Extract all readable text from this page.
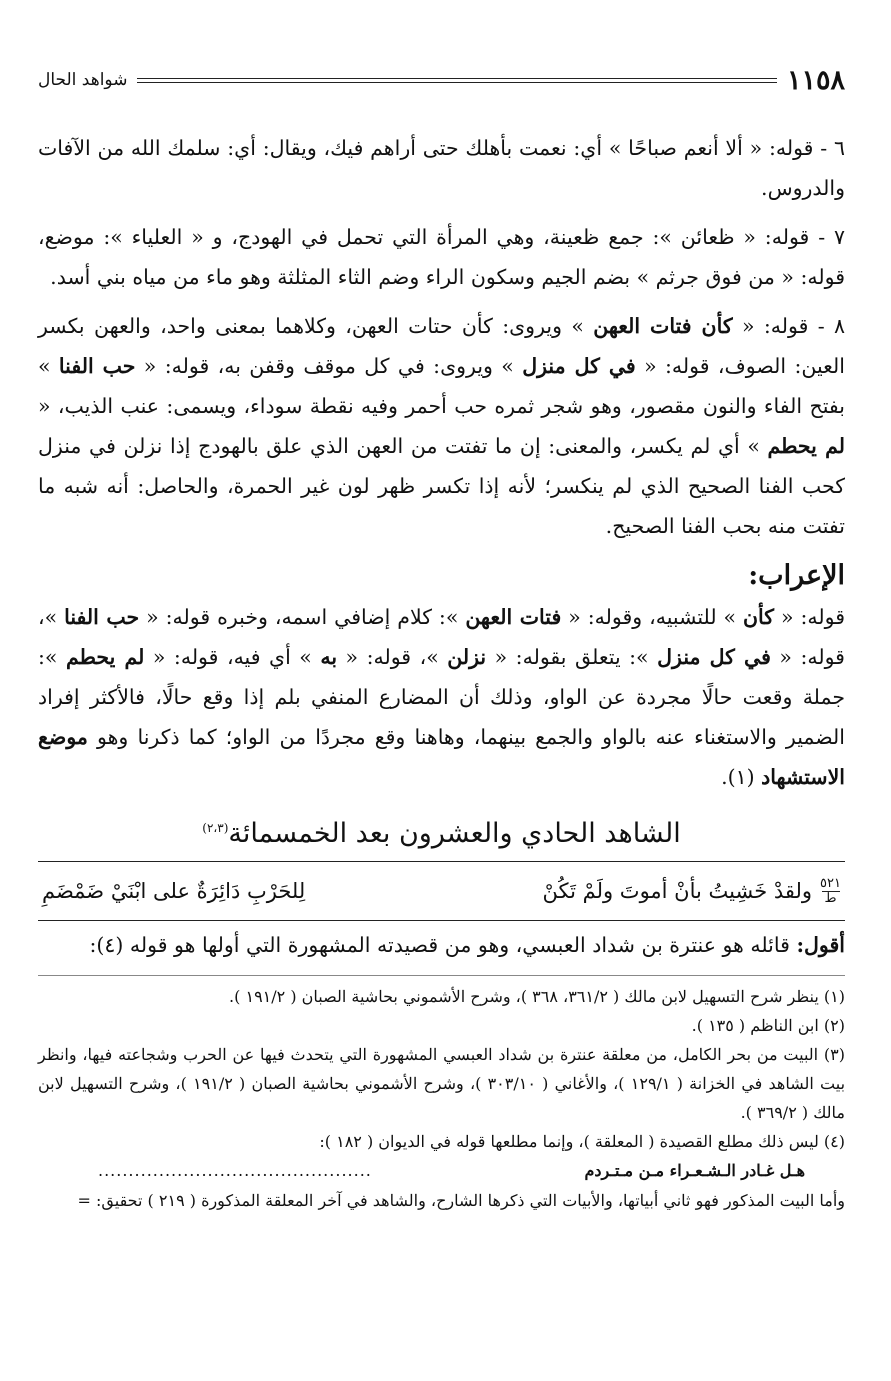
١١٥٨
شواهد الحال

٦ - قوله: « ألا أنعم صباحًا » أي: نعمت بأهلك حتى أراهم فيك، ويقال: أي: سلمك الله من الآفات والدروس.

٧ - قوله: « ظعائن »: جمع ظعينة، وهي المرأة التي تحمل في الهودج، و « العلياء »: موضع، قوله: « من فوق جرثم » بضم الجيم وسكون الراء وضم الثاء المثلثة وهو ماء من مياه بني أسد.

٨ - قوله: « كأن فتات العهن » ويروى: كأن حتات العهن، وكلاهما بمعنى واحد، والعهن بكسر العين: الصوف، قوله: « في كل منزل » ويروى: في كل موقف وقفن به، قوله: « حب الفنا » بفتح الفاء والنون مقصور، وهو شجر ثمره حب أحمر وفيه نقطة سوداء، ويسمى: عنب الذيب، « لم يحطم » أي لم يكسر، والمعنى: إن ما تفتت من العهن الذي علق بالهودج إذا نزلن في منزل كحب الفنا الصحيح الذي لم ينكسر؛ لأنه إذا تكسر ظهر لون غير الحمرة، والحاصل: أنه شبه ما تفتت منه بحب الفنا الصحيح.

الإعراب:

قوله: « كأن » للتشبيه، وقوله: « فتات العهن »: كلام إضافي اسمه، وخبره قوله: « حب الفنا »، قوله: « في كل منزل »: يتعلق بقوله: « نزلن »، قوله: « به » أي فيه، قوله: « لم يحطم »: جملة وقعت حالًا مجردة عن الواو، وذلك أن المضارع المنفي بلم إذا وقع حالًا، فالأكثر إفراد الضمير والاستغناء عنه بالواو والجمع بينهما، وهاهنا وقع مجردًا من الواو؛ كما ذكرنا وهو موضع الاستشهاد (١).

الشاهد الحادي والعشرون بعد الخمسمائة$^{(٢،٣)}$
٥٢١
ط
ولقدْ خَشِيتُ بأنْ أموتَ ولَمْ تَكُنْ
لِلحَرْبِ دَائِرَةٌ على ابْنَيْ ضَمْضَمِ

أقول: قائله هو عنترة بن شداد العبسي، وهو من قصيدته المشهورة التي أولها هو قوله (٤):

(١) ينظر شرح التسهيل لابن مالك ( ٣٦١/٢، ٣٦٨ )، وشرح الأشموني بحاشية الصبان ( ١٩١/٢ ).

(٢) ابن الناظم ( ١٣٥ ).

(٣) البيت من بحر الكامل، من معلقة عنترة بن شداد العبسي المشهورة التي يتحدث فيها عن الحرب وشجاعته فيها، وانظر بيت الشاهد في الخزانة ( ١٢٩/١ )، والأغاني ( ٣٠٣/١٠ )، وشرح الأشموني بحاشية الصبان ( ١٩١/٢ )، وشرح التسهيل لابن مالك ( ٣٦٩/٢ ).

(٤) ليس ذلك مطلع القصيدة ( المعلقة )، وإنما مطلعها قوله في الديوان ( ١٨٢ ):

هـل غـادر الـشـعـراء مـن مـتـردم
.............................................

وأما البيت المذكور فهو ثاني أبياتها، والأبيات التي ذكرها الشارح، والشاهد في آخر المعلقة المذكورة ( ٢١٩ ) تحقيق: =
